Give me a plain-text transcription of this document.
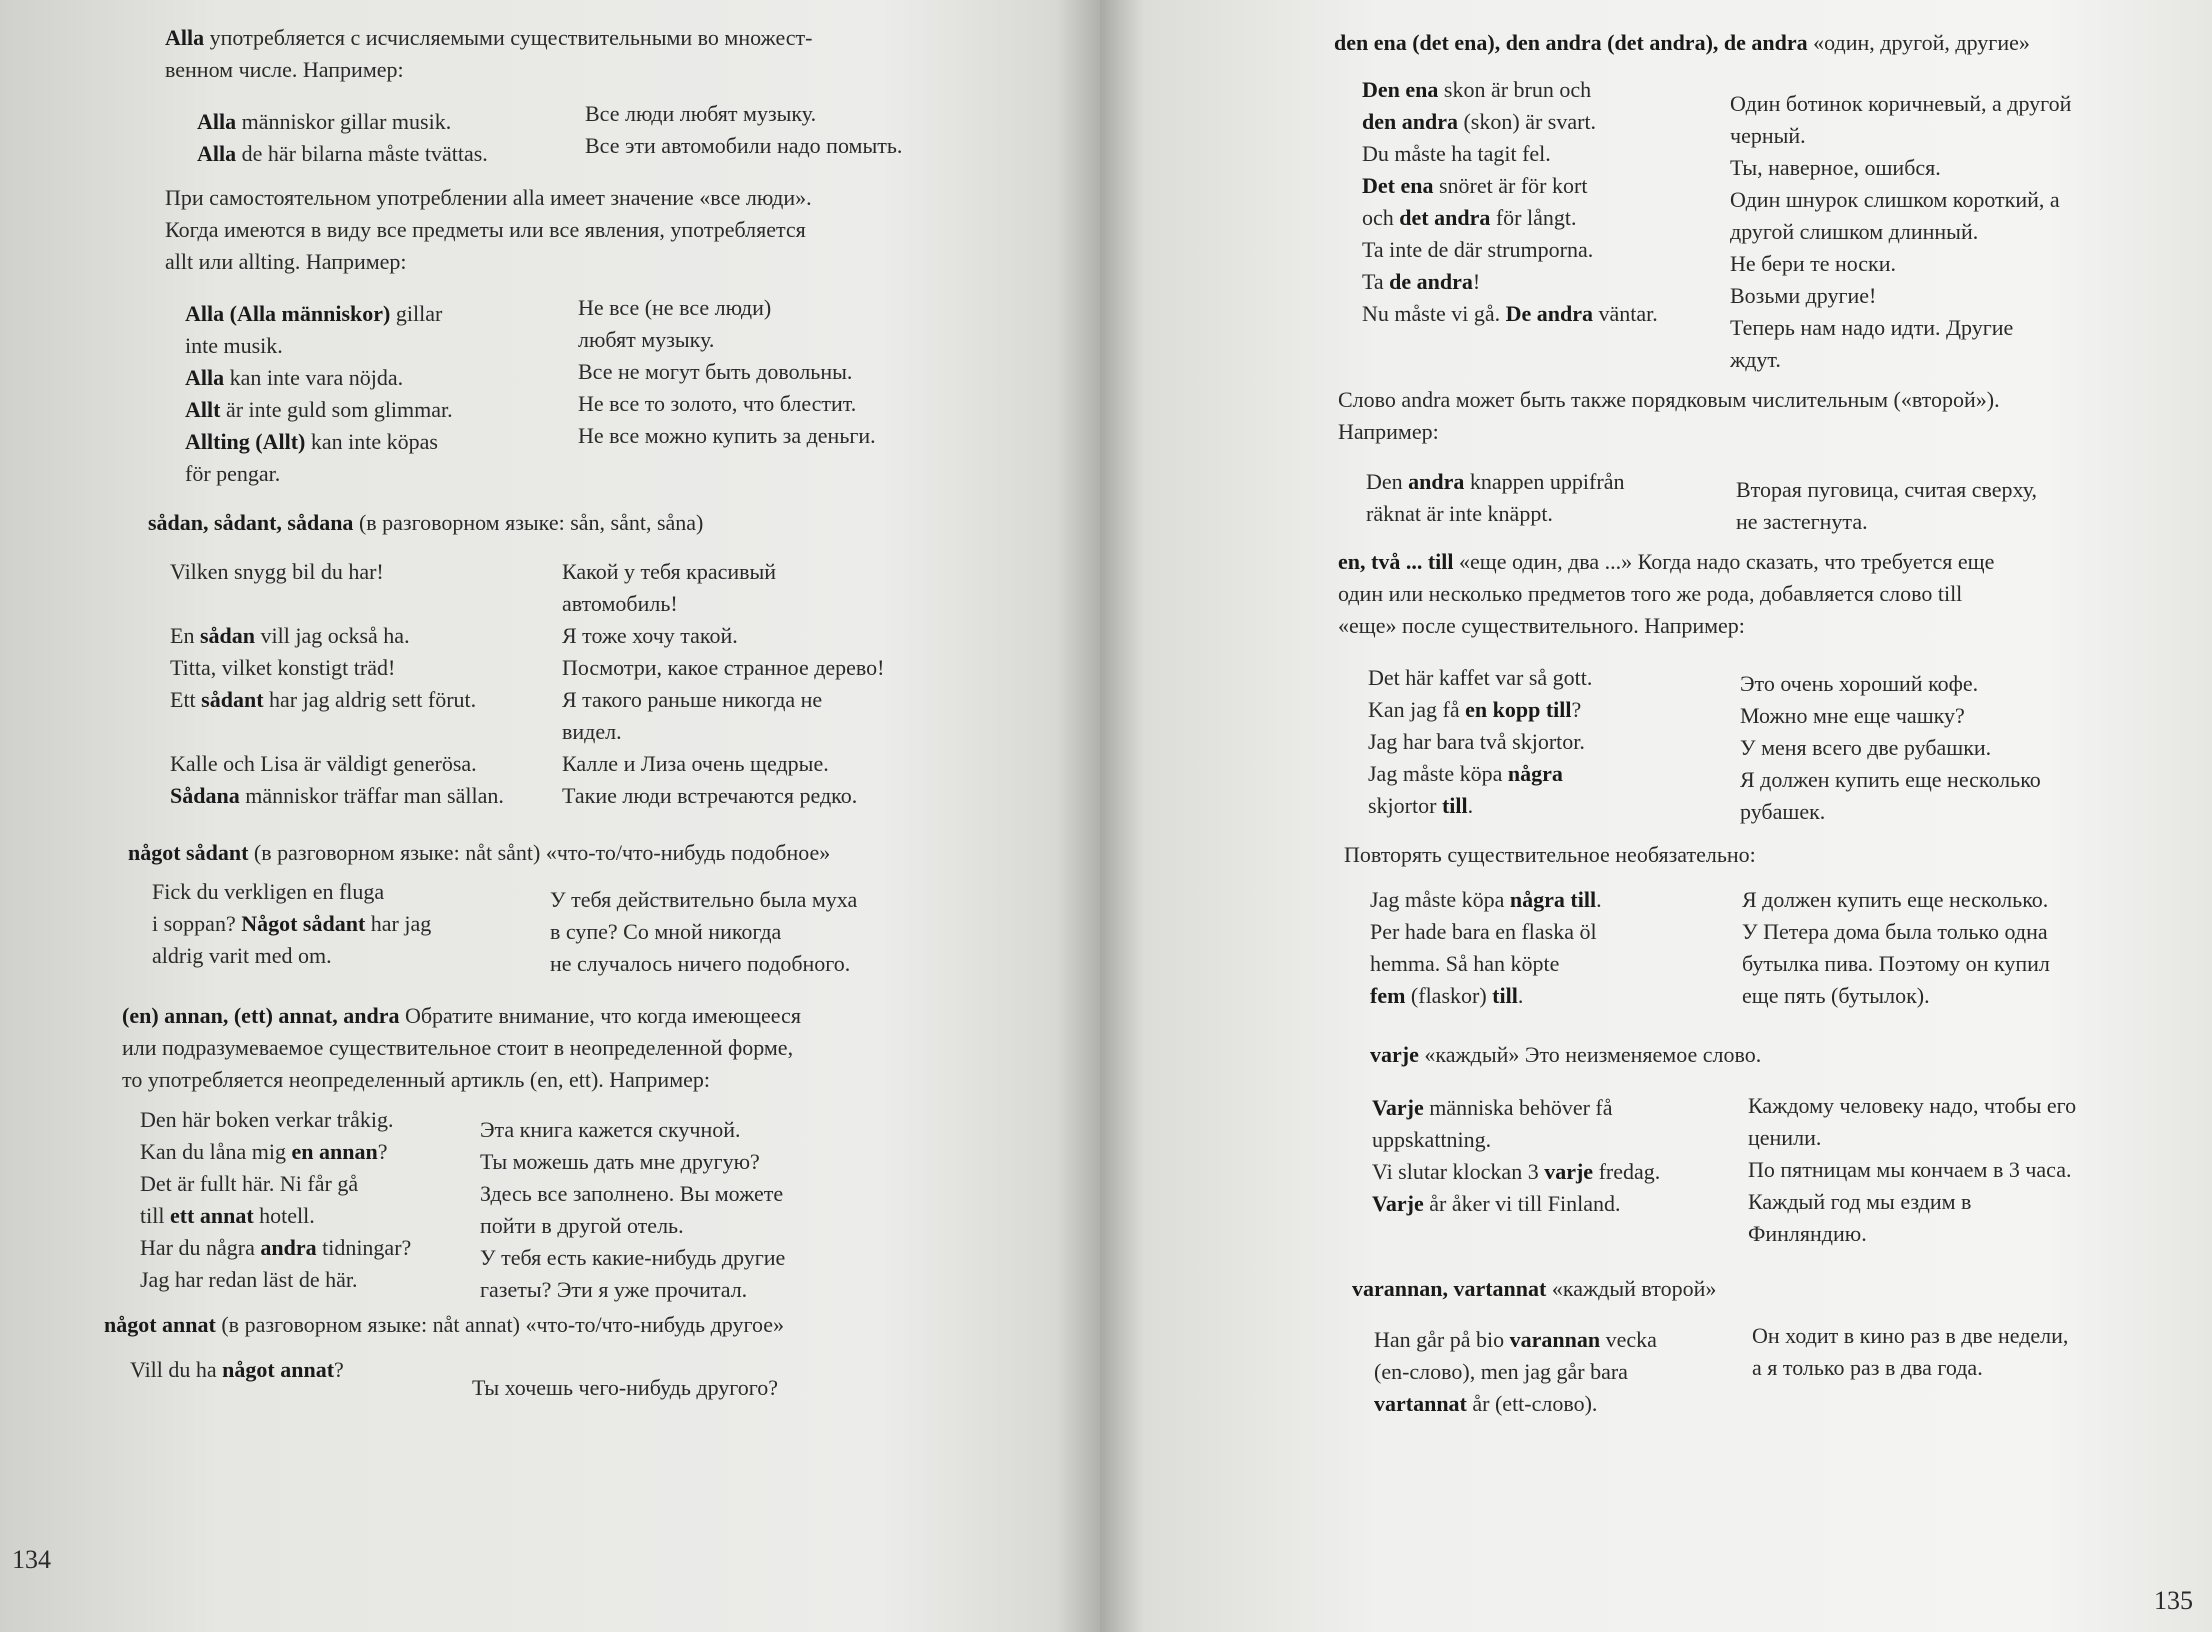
Alla употребляется с исчисляемыми существительными во множест-
венном числе. Например:
Alla människor gillar musik.
Alla de här bilarna måste tvättas.
Все люди любят музыку.
Все эти автомобили надо помыть.
При самостоятельном употреблении alla имеет значение «все люди».
Когда имеются в виду все предметы или все явления, употребляется
allt или allting. Например:
Alla (Alla människor) gillar
inte musik.
Alla kan inte vara nöjda.
Allt är inte guld som glimmar.
Allting (Allt) kan inte köpas
för pengar.
Не все (не все люди)
любят музыку.
Все не могут быть довольны.
Не все то золото, что блестит.
Не все можно купить за деньги.
sådan, sådant, sådana (в разговорном языке: sån, sånt, såna)
Vilken snygg bil du har!
En sådan vill jag också ha.
Titta, vilket konstigt träd!
Ett sådant har jag aldrig sett förut.
Kalle och Lisa är väldigt generösa.
Sådana människor träffar man sällan.
Какой у тебя красивый
автомобиль!
Я тоже хочу такой.
Посмотри, какое странное дерево!
Я такого раньше никогда не
видел.
Калле и Лиза очень щедрые.
Такие люди встречаются редко.
något sådant (в разговорном языке: nåt sånt) «что-то/что-нибудь подобное»
Fick du verkligen en fluga
i soppan? Något sådant har jag
aldrig varit med om.
У тебя действительно была муха
в супе? Со мной никогда
не случалось ничего подобного.
(en) annan, (ett) annat, andra Обратите внимание, что когда имеющееся
или подразумеваемое существительное стоит в неопределенной форме,
то употребляется неопределенный артикль (en, ett). Например:
Den här boken verkar tråkig.
Kan du låna mig en annan?
Det är fullt här. Ni får gå
till ett annat hotell.
Har du några andra tidningar?
Jag har redan läst de här.
Эта книга кажется скучной.
Ты можешь дать мне другую?
Здесь все заполнено. Вы можете
пойти в другой отель.
У тебя есть какие-нибудь другие
газеты? Эти я уже прочитал.
något annat (в разговорном языке: nåt annat) «что-то/что-нибудь другое»
Vill du ha något annat?
Ты хочешь чего-нибудь другого?
134
den ena (det ena), den andra (det andra), de andra «один, другой, другие»
Den ena skon är brun och
den andra (skon) är svart.
Du måste ha tagit fel.
Det ena snöret är för kort
och det andra för långt.
Ta inte de där strumporna.
Ta de andra!
Nu måste vi gå. De andra väntar.
Один ботинок коричневый, а другой
черный.
Ты, наверное, ошибся.
Один шнурок слишком короткий, а
другой слишком длинный.
Не бери те носки.
Возьми другие!
Теперь нам надо идти. Другие
ждут.
Слово andra может быть также порядковым числительным («второй»).
Например:
Den andra knappen uppifrån
räknat är inte knäppt.
Вторая пуговица, считая сверху,
не застегнута.
en, två ... till «еще один, два ...» Когда надо сказать, что требуется еще
один или несколько предметов того же рода, добавляется слово till
«еще» после существительного. Например:
Det här kaffet var så gott.
Kan jag få en kopp till?
Jag har bara två skjortor.
Jag måste köpa några
skjortor till.
Это очень хороший кофе.
Можно мне еще чашку?
У меня всего две рубашки.
Я должен купить еще несколько
рубашек.
Повторять существительное необязательно:
Jag måste köpa några till.
Per hade bara en flaska öl
hemma. Så han köpte
fem (flaskor) till.
Я должен купить еще несколько.
У Петера дома была только одна
бутылка пива. Поэтому он купил
еще пять (бутылок).
varje «каждый» Это неизменяемое слово.
Varje människa behöver få
uppskattning.
Vi slutar klockan 3 varje fredag.
Varje år åker vi till Finland.
Каждому человеку надо, чтобы его
ценили.
По пятницам мы кончаем в 3 часа.
Каждый год мы ездим в
Финляндию.
varannan, vartannat «каждый второй»
Han går på bio varannan vecka
(en-слово), men jag går bara
vartannat år (ett-слово).
Он ходит в кино раз в две недели,
а я только раз в два года.
135
